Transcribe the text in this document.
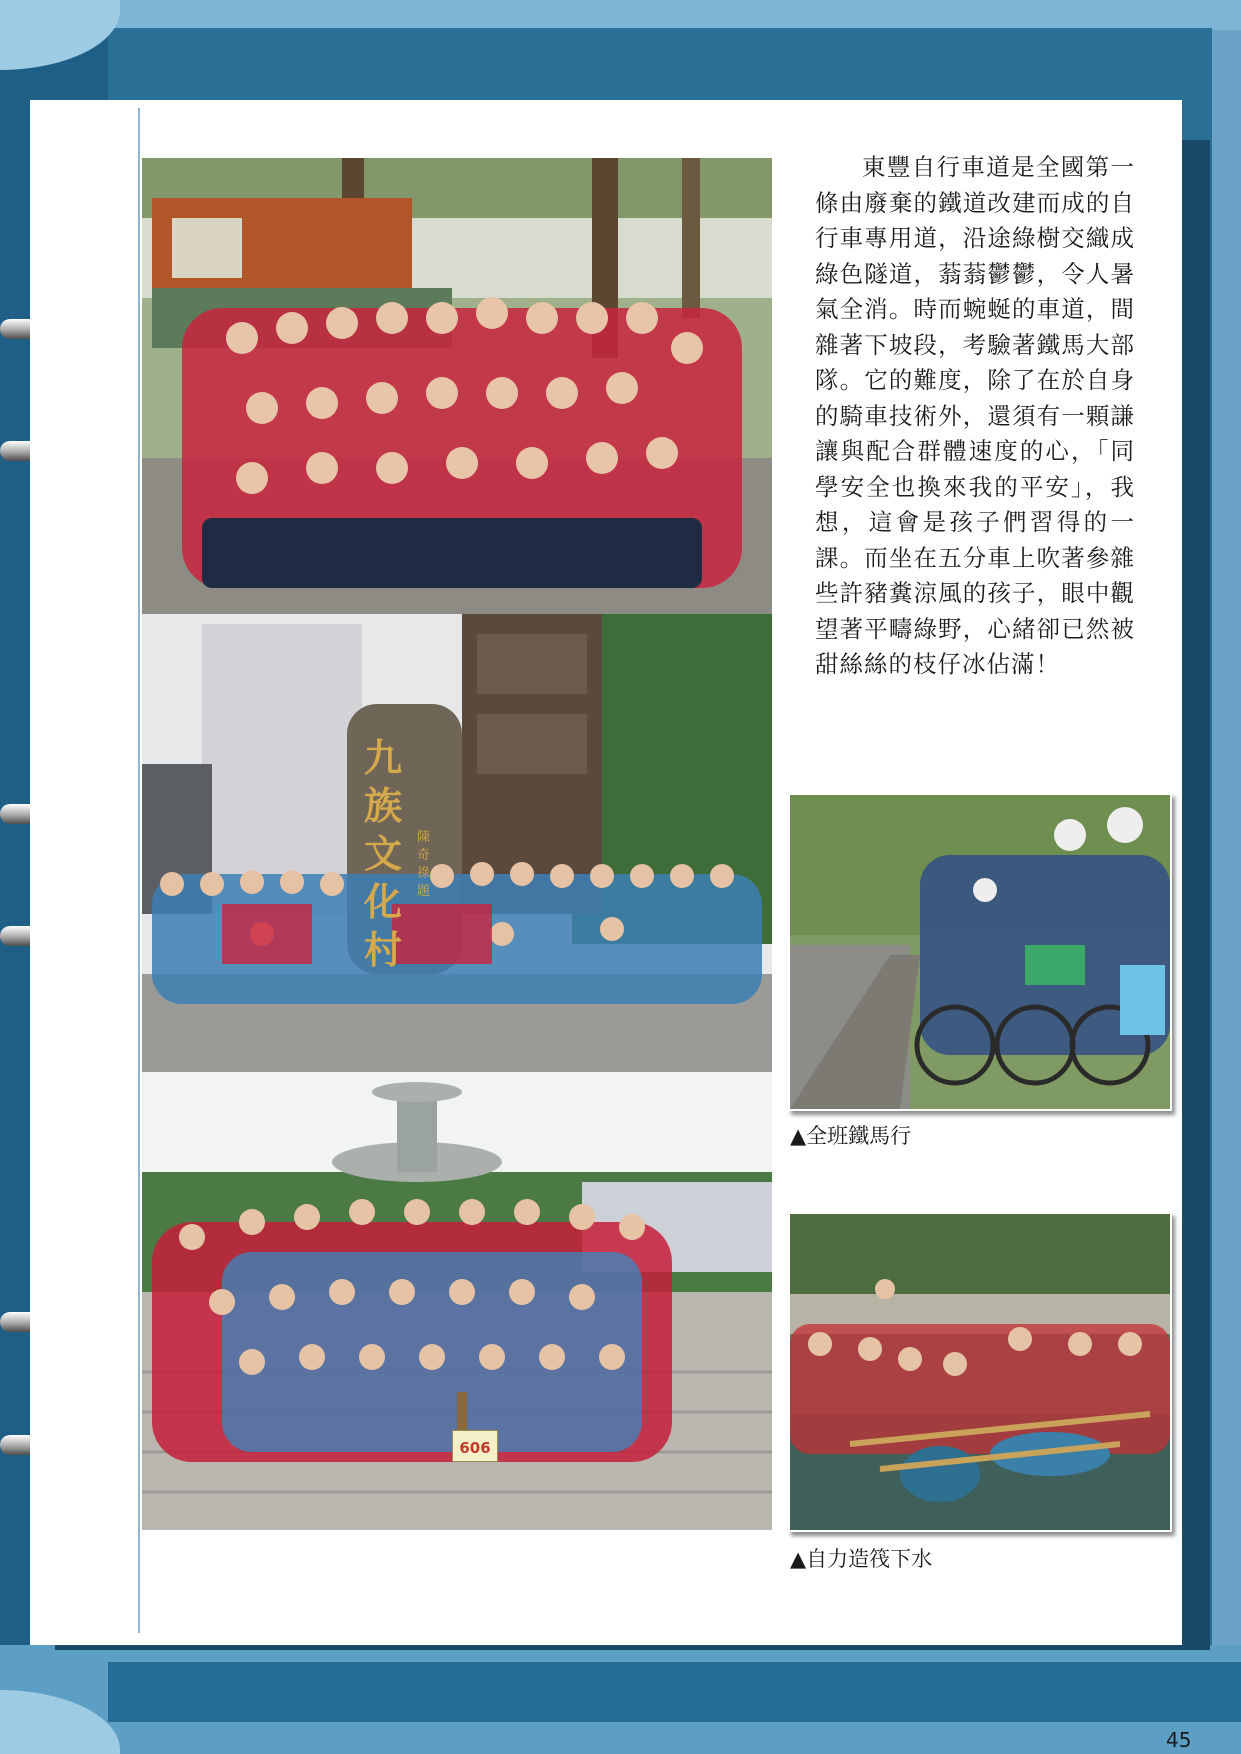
九族文化村
陳奇祿題
606

東豐自行車道是全國第一條由廢棄的鐵道改建而成的自行車專用道，沿途綠樹交織成綠色隧道，蓊蓊鬱鬱，令人暑氣全消。時而蜿蜒的車道，間雜著下坡段，考驗著鐵馬大部隊。它的難度，除了在於自身的騎車技術外，還須有一顆謙讓與配合群體速度的心，「同學安全也換來我的平安」，我想，這會是孩子們習得的一課。而坐在五分車上吹著參雜些許豬糞涼風的孩子，眼中觀望著平疇綠野，心緒卻已然被甜絲絲的枝仔冰佔滿！

▲全班鐵馬行
▲自力造筏下水
45
